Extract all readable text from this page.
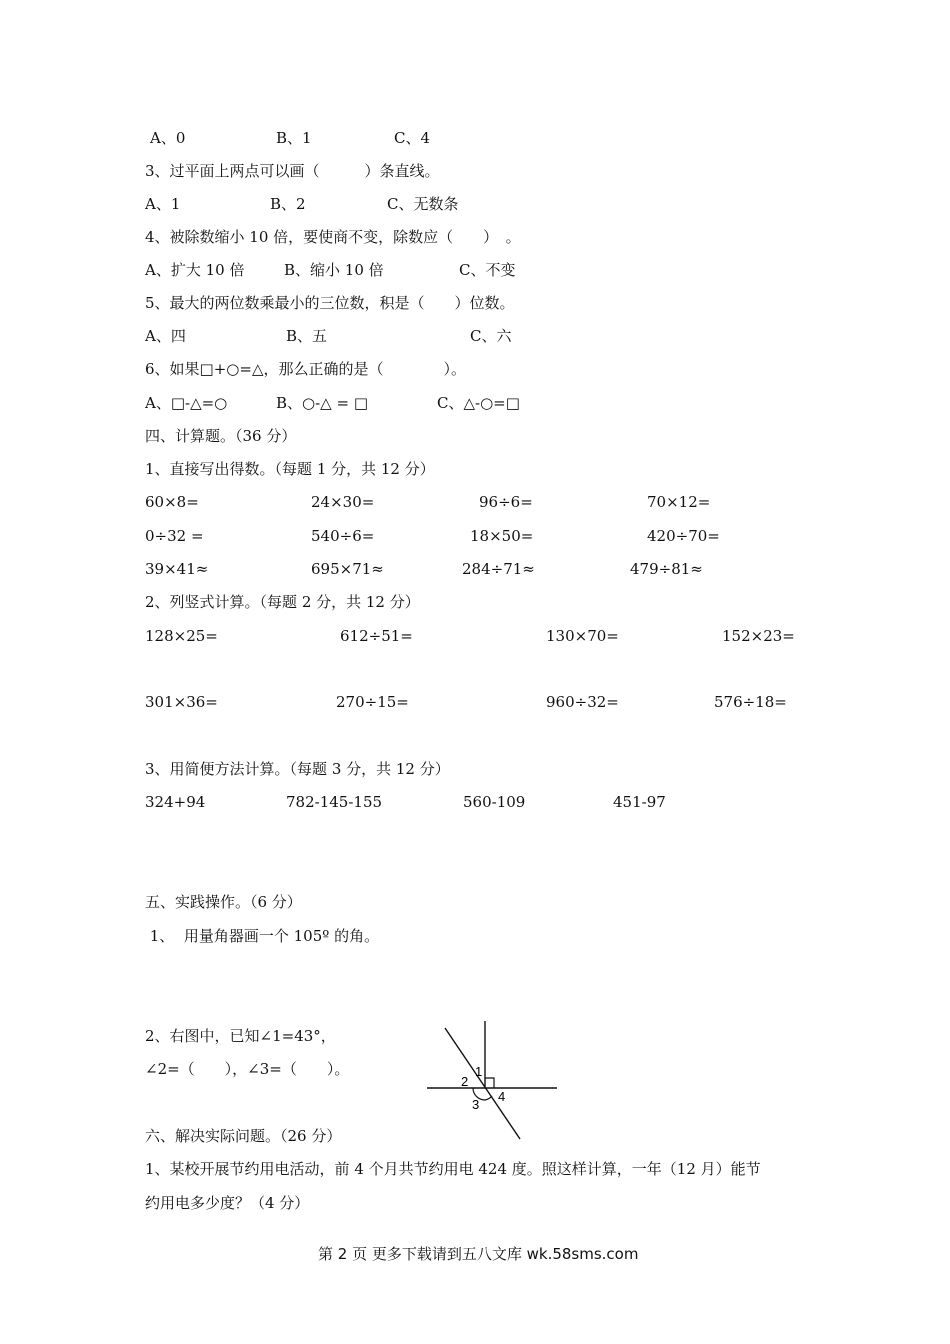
A、0	B、1	C、4
3、过平面上两点可以画（　　　）条直线。
A、1	B、2	C、无数条
4、被除数缩小 10 倍，要使商不变，除数应（　　）　。
A、扩大 10 倍	B、缩小 10 倍	C、不变
5、最大的两位数乘最小的三位数，积是（　　）位数。
A、四	B、五	C、六
6、如果□+○=△，那么正确的是（　　　　）。
A、□-△=○	B、○-△ = □	C、△-○=□
四、计算题。（36 分）
1、直接写出得数。（每题 1 分，共 12 分）
60×8=	24×30=	96÷6=	70×12=
0÷32 =	540÷6=	18×50=	420÷70=
39×41≈	695×71≈	284÷71≈	479÷81≈
2、列竖式计算。（每题 2 分，共 12 分）
128×25=	612÷51=	130×70=	152×23=
301×36=	270÷15=	960÷32=	576÷18=
3、用简便方法计算。（每题 3 分，共 12 分）
324+94	782-145-155	560-109	451-97
五、实践操作。（6 分）
1、  用量角器画一个 105º 的角。
2、右图中，已知∠1=43°，
∠2=（　　），∠3=（　　）。	1
2
3
4
六、解决实际问题。（26 分）
1、某校开展节约用电活动，前 4 个月共节约用电 424 度。照这样计算，一年（12 月）能节
约用电多少度？（4 分）
第 2 页 更多下载请到五八文库 wk.58sms.com
